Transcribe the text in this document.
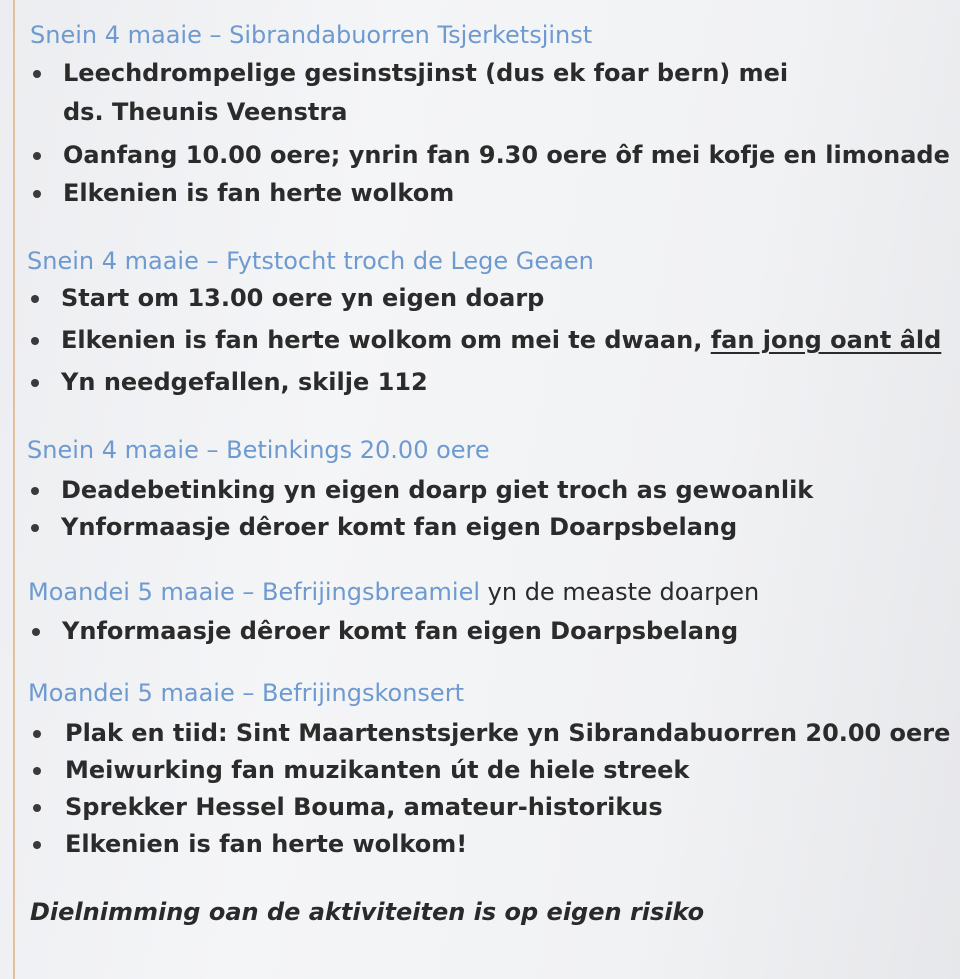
Snein 4 maaie – Sibrandabuorren Tsjerketsjinst
Leechdrompelige gesinstsjinst (dus ek foar bern) mei
ds. Theunis Veenstra
Oanfang 10.00 oere; ynrin fan 9.30 oere ôf mei kofje en limonade
Elkenien is fan herte wolkom
Snein 4 maaie – Fytstocht troch de Lege Geaen
Start om 13.00 oere yn eigen doarp
Elkenien is fan herte wolkom om mei te dwaan, fan jong oant âld
Yn needgefallen, skilje 112
Snein 4 maaie – Betinkings 20.00 oere
Deadebetinking yn eigen doarp giet troch as gewoanlik
Ynformaasje dêroer komt fan eigen Doarpsbelang
Moandei 5 maaie – Befrijingsbreamiel yn de measte doarpen
Ynformaasje dêroer komt fan eigen Doarpsbelang
Moandei 5 maaie – Befrijingskonsert
Plak en tiid: Sint Maartenstsjerke yn Sibrandabuorren 20.00 oere
Meiwurking fan muzikanten út de hiele streek
Sprekker Hessel Bouma, amateur-historikus
Elkenien is fan herte wolkom!
Dielnimming oan de aktiviteiten is op eigen risiko
